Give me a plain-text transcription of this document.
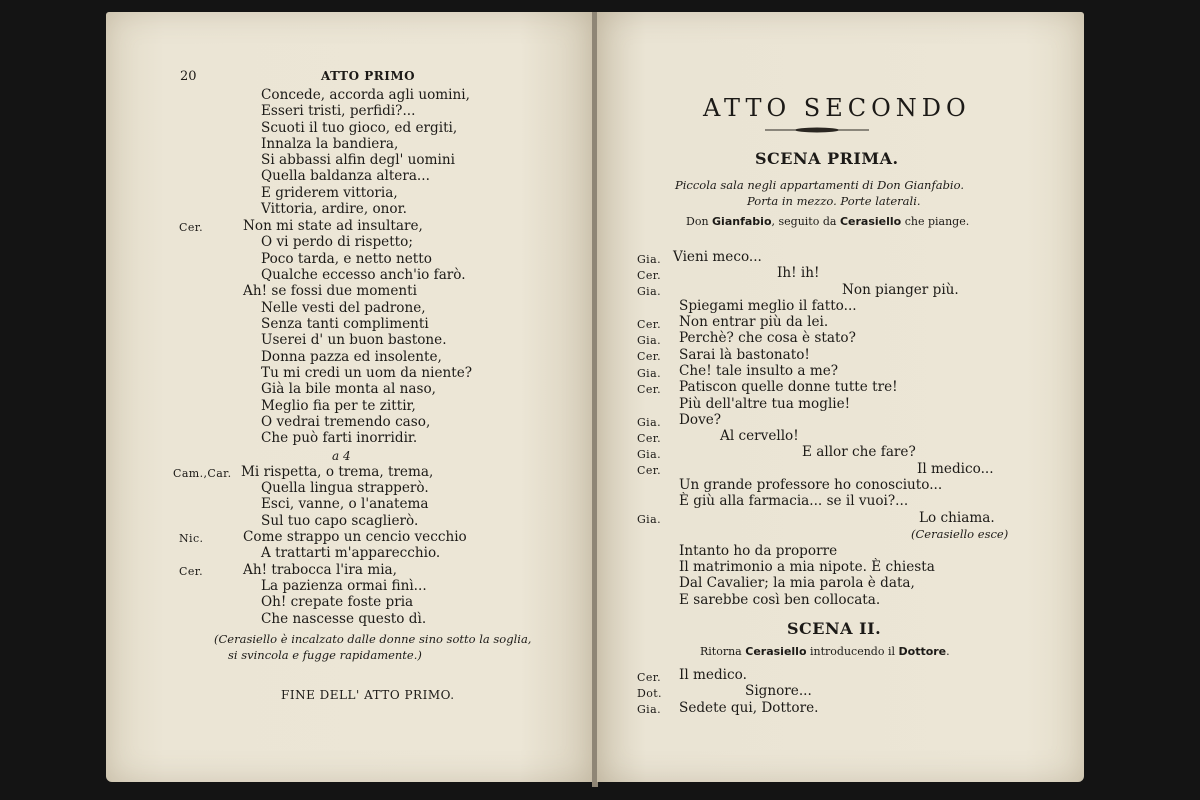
20	ATTO PRIMO
Concede, accorda agli uomini,
Esseri tristi, perfidi?...
Scuoti il tuo gioco, ed ergiti,
Innalza la bandiera,
Si abbassi alfin degl' uomini
Quella baldanza altera...
E griderem vittoria,
Vittoria, ardire, onor.
Cer.	Non mi state ad insultare,
O vi perdo di rispetto;
Poco tarda, e netto netto
Qualche eccesso anch'io farò.
Ah! se fossi due momenti
Nelle vesti del padrone,
Senza tanti complimenti
Userei d' un buon bastone.
Donna pazza ed insolente,
Tu mi credi un uom da niente?
Già la bile monta al naso,
Meglio fia per te zittir,
O vedrai tremendo caso,
Che può farti inorridir.
a 4
Cam.,Car. Mi rispetta, o trema, trema,
Quella lingua strapperò.
Esci, vanne, o l'anatema
Sul tuo capo scaglierò.
Nic.	Come strappo un cencio vecchio
A trattarti m'apparecchio.
Cer.	Ah! trabocca l'ira mia,
La pazienza ormai finì...
Oh! crepate foste pria
Che nascesse questo dì.
(Cerasiello è incalzato dalle donne sino sotto la soglia,
si svincola e fugge rapidamente.)
FINE DELL' ATTO PRIMO.
ATTO SECONDO
SCENA PRIMA.
Piccola sala negli appartamenti di Don Gianfabio.
Porta in mezzo. Porte laterali.
Don Gianfabio, seguito da Cerasiello che piange.
Gia. Vieni meco...
Cer.	Ih! ih!
Gia.	Non pianger più.
Spiegami meglio il fatto...
Cer. Non entrar più da lei.
Gia. Perchè? che cosa è stato?
Cer. Sarai là bastonato!
Gia. Che! tale insulto a me?
Cer. Patiscon quelle donne tutte tre!
Più dell'altre tua moglie!
Gia. Dove?
Cer.	Al cervello!
Gia.	E allor che fare?
Cer.	Il medico...
Un grande professore ho conosciuto...
È giù alla farmacia... se il vuoi?...
Gia.	Lo chiama.
(Cerasiello esce)
Intanto ho da proporre
Il matrimonio a mia nipote. È chiesta
Dal Cavalier; la mia parola è data,
E sarebbe così ben collocata.
SCENA II.
Ritorna Cerasiello introducendo il Dottore.
Cer. Il medico.
Dot.	Signore...
Gia. Sedete qui, Dottore.
